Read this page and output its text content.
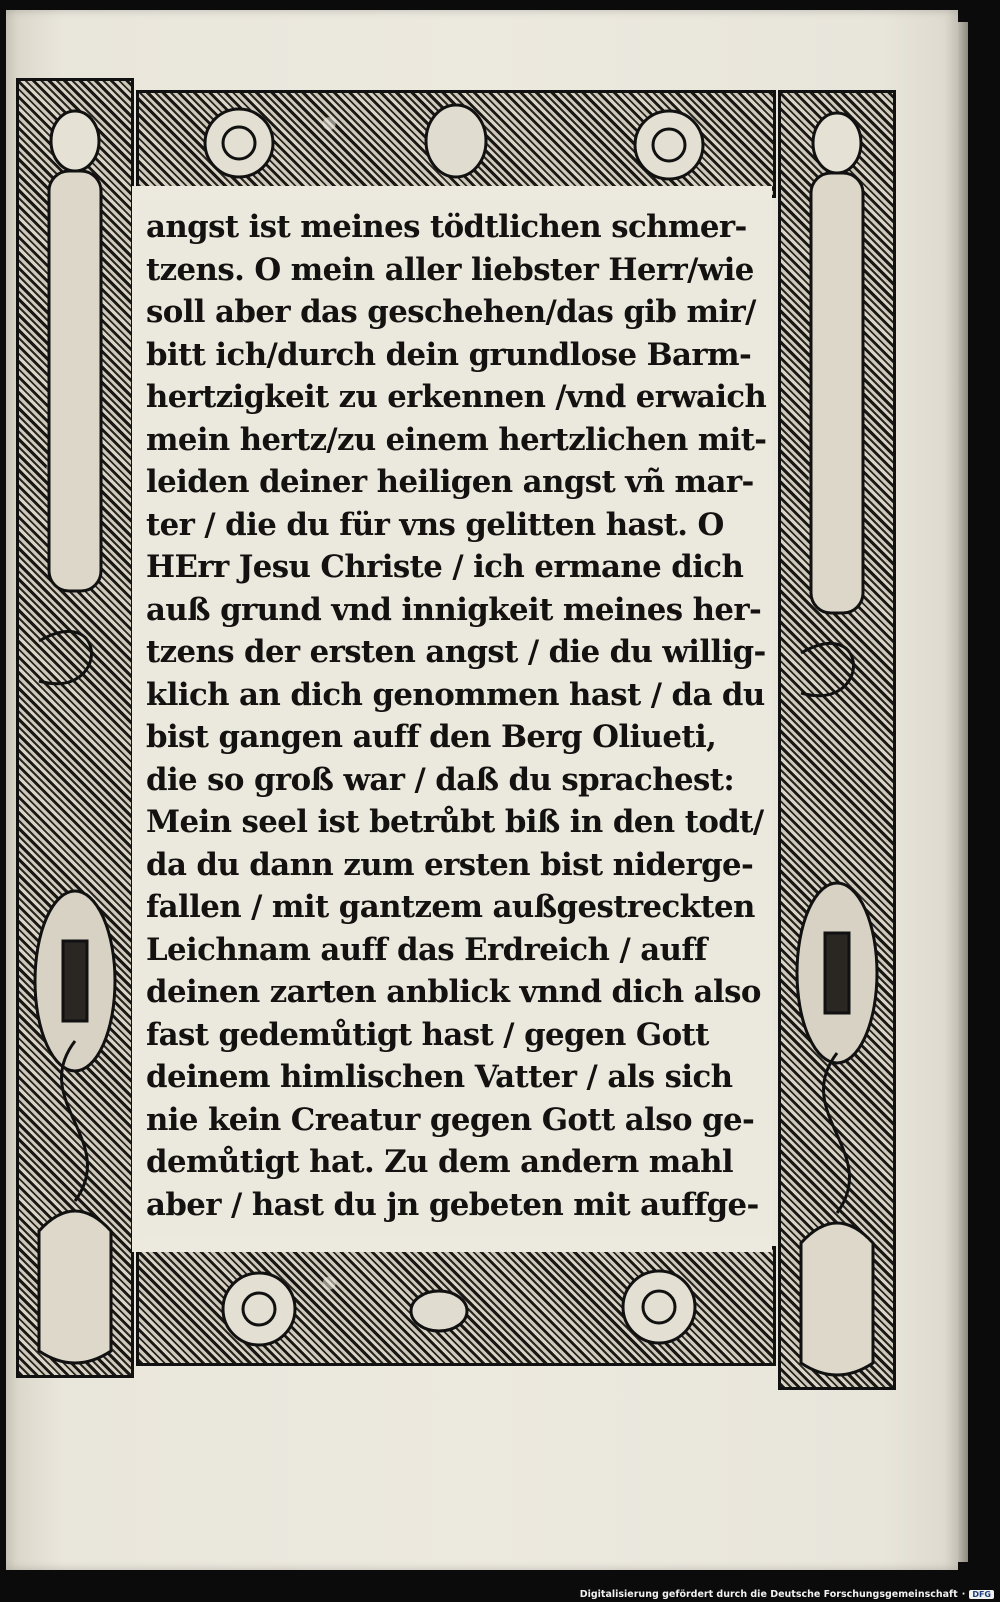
angst ist meines tödtlichen schmer-
tzens. O mein aller liebster Herr/wie
soll aber das geschehen/das gib mir/
bitt ich/durch dein grundlose Barm-
hertzigkeit zu erkennen /vnd erwaich
mein hertz/zu einem hertzlichen mit-
leiden deiner heiligen angst vñ mar-
ter / die du für vns gelitten hast. O
HErr Jesu Christe / ich ermane dich
auß grund vnd innigkeit meines her-
tzens der ersten angst / die du willig-
klich an dich genommen hast / da du
bist gangen auff den Berg Oliueti,
die so groß war / daß du sprachest:
Mein seel ist betrůbt biß in den todt/
da du dann zum ersten bist niderge-
fallen / mit gantzem außgestreckten
Leichnam auff das Erdreich / auff
deinen zarten anblick vnnd dich also
fast gedemůtigt hast / gegen Gott
deinem himlischen Vatter / als sich
nie kein Creatur gegen Gott also ge-
demůtigt hat. Zu dem andern mahl
aber / hast du jn gebeten mit auffge-
Digitalisierung gefördert durch die Deutsche Forschungsgemeinschaft · DFG
